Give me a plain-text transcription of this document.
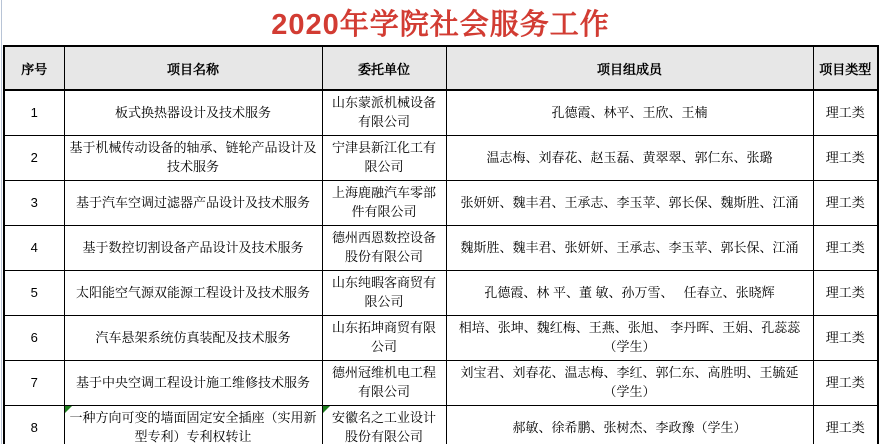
2020年学院社会服务工作
序号	项目名称	委托单位	项目组成员	项目类型
1	板式换热器设计及技术服务	山东蒙派机械设备有限公司	孔德霞、林平、王欣、王楠	理工类
2	基于机械传动设备的轴承、链轮产品设计及技术服务	宁津县新江化工有限公司	温志梅、刘春花、赵玉磊、黄翠翠、郭仁东、张璐	理工类
3	基于汽车空调过滤器产品设计及技术服务	上海鹿融汽车零部件有限公司	张妍妍、魏丰君、王承志、李玉苹、郭长保、魏斯胜、江涌	理工类
4	基于数控切割设备产品设计及技术服务	德州西恩数控设备股份有限公司	魏斯胜、魏丰君、张妍妍、王承志、李玉苹、郭长保、江涌	理工类
5	太阳能空气源双能源工程设计及技术服务	山东纯暇客商贸有限公司	孔德霞、林 平、董 敏、孙万雪、　 任春立、张晓辉	理工类
6	汽车悬架系统仿真装配及技术服务	山东拓坤商贸有限公司	相培、张坤、魏红梅、王燕、张旭、 李丹晖、王娟、孔蕊蕊（学生）	理工类
7	基于中央空调工程设计施工维修技术服务	德州冠维机电工程有限公司	刘宝君、刘春花、温志梅、李红、郭仁东、高胜明、王毓延（学生）	理工类
8	一种方向可变的墙面固定安全插座（实用新型专利）专利权转让	安徽名之工业设计股份有限公司	郝敏、徐希鹏、张树杰、李政豫（学生）	理工类
